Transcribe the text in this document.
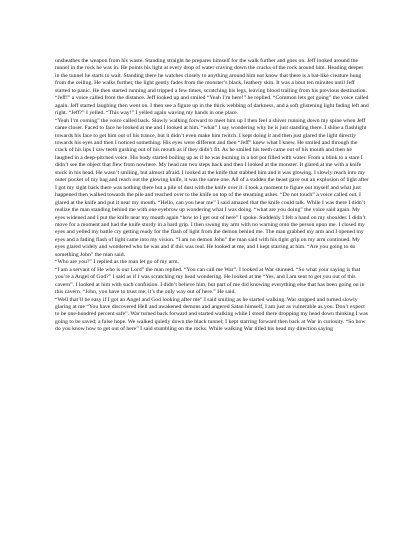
unsheathes the weapon from his waste. Standing straight he prepares himself for the walk further and goes on. Jeff looked around the tunnel in the rock he was in. He points his light at every drop of water craving down the cracks of the rock around him. Heading deeper in the tunnel he starts to wait. Standing there he watches closely to anything around him not know that there is a bat-like creature hung from the ceiling. He walks further, the light gently fades from the monster’s black, leathery skin. It was a bout ten minutes until Jeff started to panic. He then started running and tripped a few times, scratching his legs, leaving blood trailing from his previous destination. “Jeff!” a voice called from the distance. Jeff looked up and smiled “Yeah I’m here!” he replied. “Common lets get going” the voice called again. Jeff started laughing then went on. I then see a figure up in the thick webbing of darkness, and a soft glistening light fading left and right. “Jeff?” I yelled. “This way!” I yelled again waving my hands in one place.

“Yeah I’m coming” the voice called back. Slowly walking forward to meet him up I then feel a shiver running down my spine when Jeff came closer. Faced to face he looked at me and I looked at him. “what” I say wondering why he is just standing there. I shine a flashlight towards his face to get him out of his trance, but it didn’t even make him twitch. I kept doing it and then just glared the light directly towards his eyes and then I noticed something. His eyes were different and then “Jeff” knew what I knew. He smiled and through the crack of his lips I saw teeth gushing out of his mouth as if they didn’t fit. As he smiled his teeth came out of his mouth and then he laughed in a deep-pitched voice. His body started boiling up as if he was burning in a hot pot filled with water. From a blink to a stare I didn’t see the object that flew from nowhere. My head ran two steps back and then I looked at the monster. It glared at me with a knife stuck in his head. He wasn’t smiling, but almost afraid. I looked at the knife that stabbed him and it was glowing. I slowly reach into my outer pocket of my bag and reach out the glowing knife, it was the same one. All of a sudden the beast gave out an explosion of light after I got my sight back there was nothing there but a pile of dust with the knife over it. I took a moment to figure out myself and what just happened then walked towards the pile and reached over to the knife on top of the steaming ashes. “Do not touch” a voice called out. I glared at the knife and put it near my mouth. “Hello, can you hear me” I said amazed that the knife could talk. While I was there I didn’t realize the man standing behind me with one eyebrow up wondering what I was doing. “what are you doing” the voice said again. My eyes widened and I put the knife near my mouth again “how to I get out of here” I spoke. Suddenly I felt a hand on my shoulder. I didn’t move for a moment and had the knife sturdy in a hard grip. I then swung my arm with no warning onto the person upon me. I closed my eyes and yelled my battle cry getting ready for the flash of light from the demon behind me. The man grabbed my arm and I opened my eyes and a fading flash of light came into my vision. “I am no demon John” the man said with his tight grip on my arm continued. My eyes glared widely and wondered who he was and if this was real. He looked at me, and I kept starring at him. “Are you going to do something John” the man said.

“Who are you?” I replied as the man let go of my arm.

“I am a servant of He who is our Lord” the man replied. “You can call me War”. I looked at War stunned. “So what your saying is that you’re a Angel of God?” I said as if I was scratching my head wondering. He looked at me “Yes, and I am sent to get you out of this cavern”. I looked at him with such confusion. I didn’t believe him, but part of me did knowing everything else that has been going on in this cavern. “John, you have to trust me, it’s the only way out of here.” He said.

“Well that’ll be easy if I got an Angel and God looking after me” I said smiling as he started walking. War stopped and turned slowly glaring at me “You have discovered Hell and awakened demons and angered Satan himself, I am just as vulnerable as you. Don’t expect to be one-hundred percent safe”. War turned back forward and started walking while I stood there dropping my head down thinking I was going to be saved; a false hope. We walked quietly down the black tunnel; I kept starring forward then back at War in curiosity. “So how do you know how to get out of here” I said stumbling on the rocks. While walking War titled his head my direction saying
